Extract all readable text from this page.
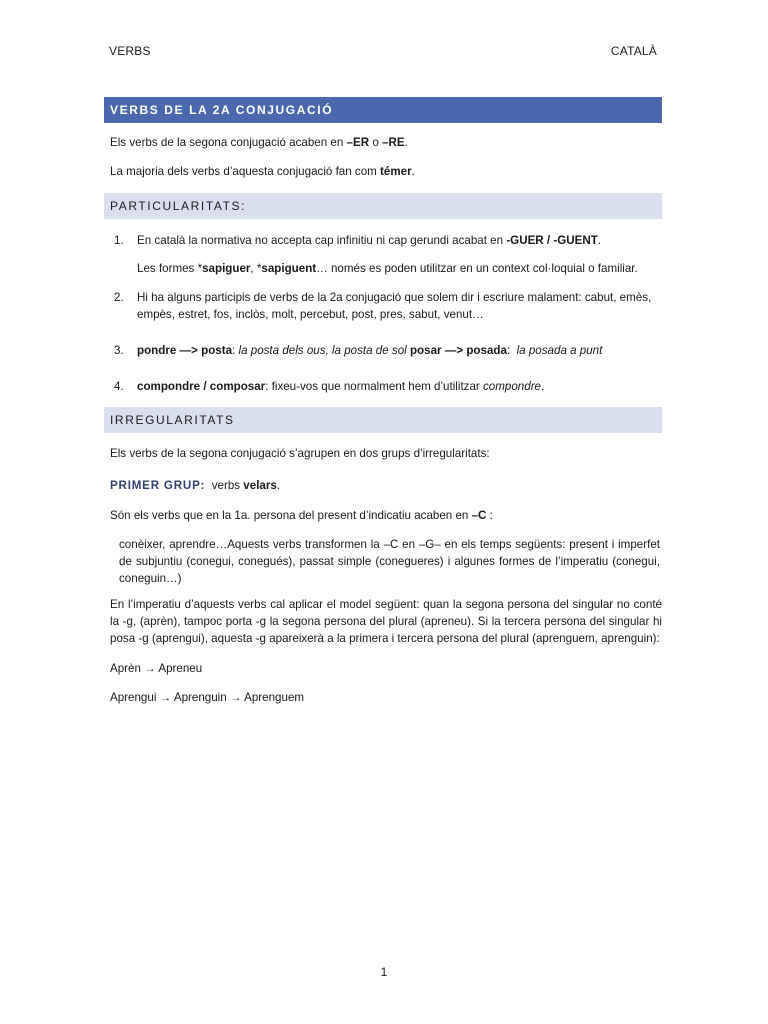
VERBS	CATALÀ
VERBS DE LA 2A CONJUGACIÓ

Els verbs de la segona conjugació acaben en –ER o –RE.

La majoria dels verbs d’aquesta conjugació fan com témer.

PARTICULARITATS:
1. En català la normativa no accepta cap infinitiu ni cap gerundi acabat en -GUER / -GUENT.

Les formes *sapiguer, *sapiguent… només es poden utilitzar en un context col·loquial o familiar.

2. Hi ha alguns participis de verbs de la 2a conjugació que solem dir i escriure malament: cabut, emès, empès, estret, fos, inclòs, molt, percebut, post, pres, sabut, venut…

3. pondre —> posta: la posta dels ous, la posta de sol posar —> posada:  la posada a punt

4. compondre / composar: fixeu-vos que normalment hem d’utilitzar compondre.

IRREGULARITATS

Els verbs de la segona conjugació s’agrupen en dos grups d’irregularitats:

PRIMER GRUP:  verbs velars.

Són els verbs que en la 1a. persona del present d’indicatiu acaben en –C :

conèixer, aprendre…Aquests verbs transformen la –C en –G– en els temps següents: present i imperfet de subjuntiu (conegui, conegués), passat simple (conegueres) i algunes formes de l’imperatiu (conegui, coneguin…)

En l’imperatiu d’aquests verbs cal aplicar el model següent: quan la segona persona del singular no conté la -g, (aprèn), tampoc porta -g la segona persona del plural (apreneu). Si la tercera persona del singular hi posa -g (aprengui), aquesta -g apareixerà a la primera i tercera persona del plural (aprenguem, aprenguin):

Aprèn → Apreneu

Aprengui → Aprenguin → Aprenguem

1
